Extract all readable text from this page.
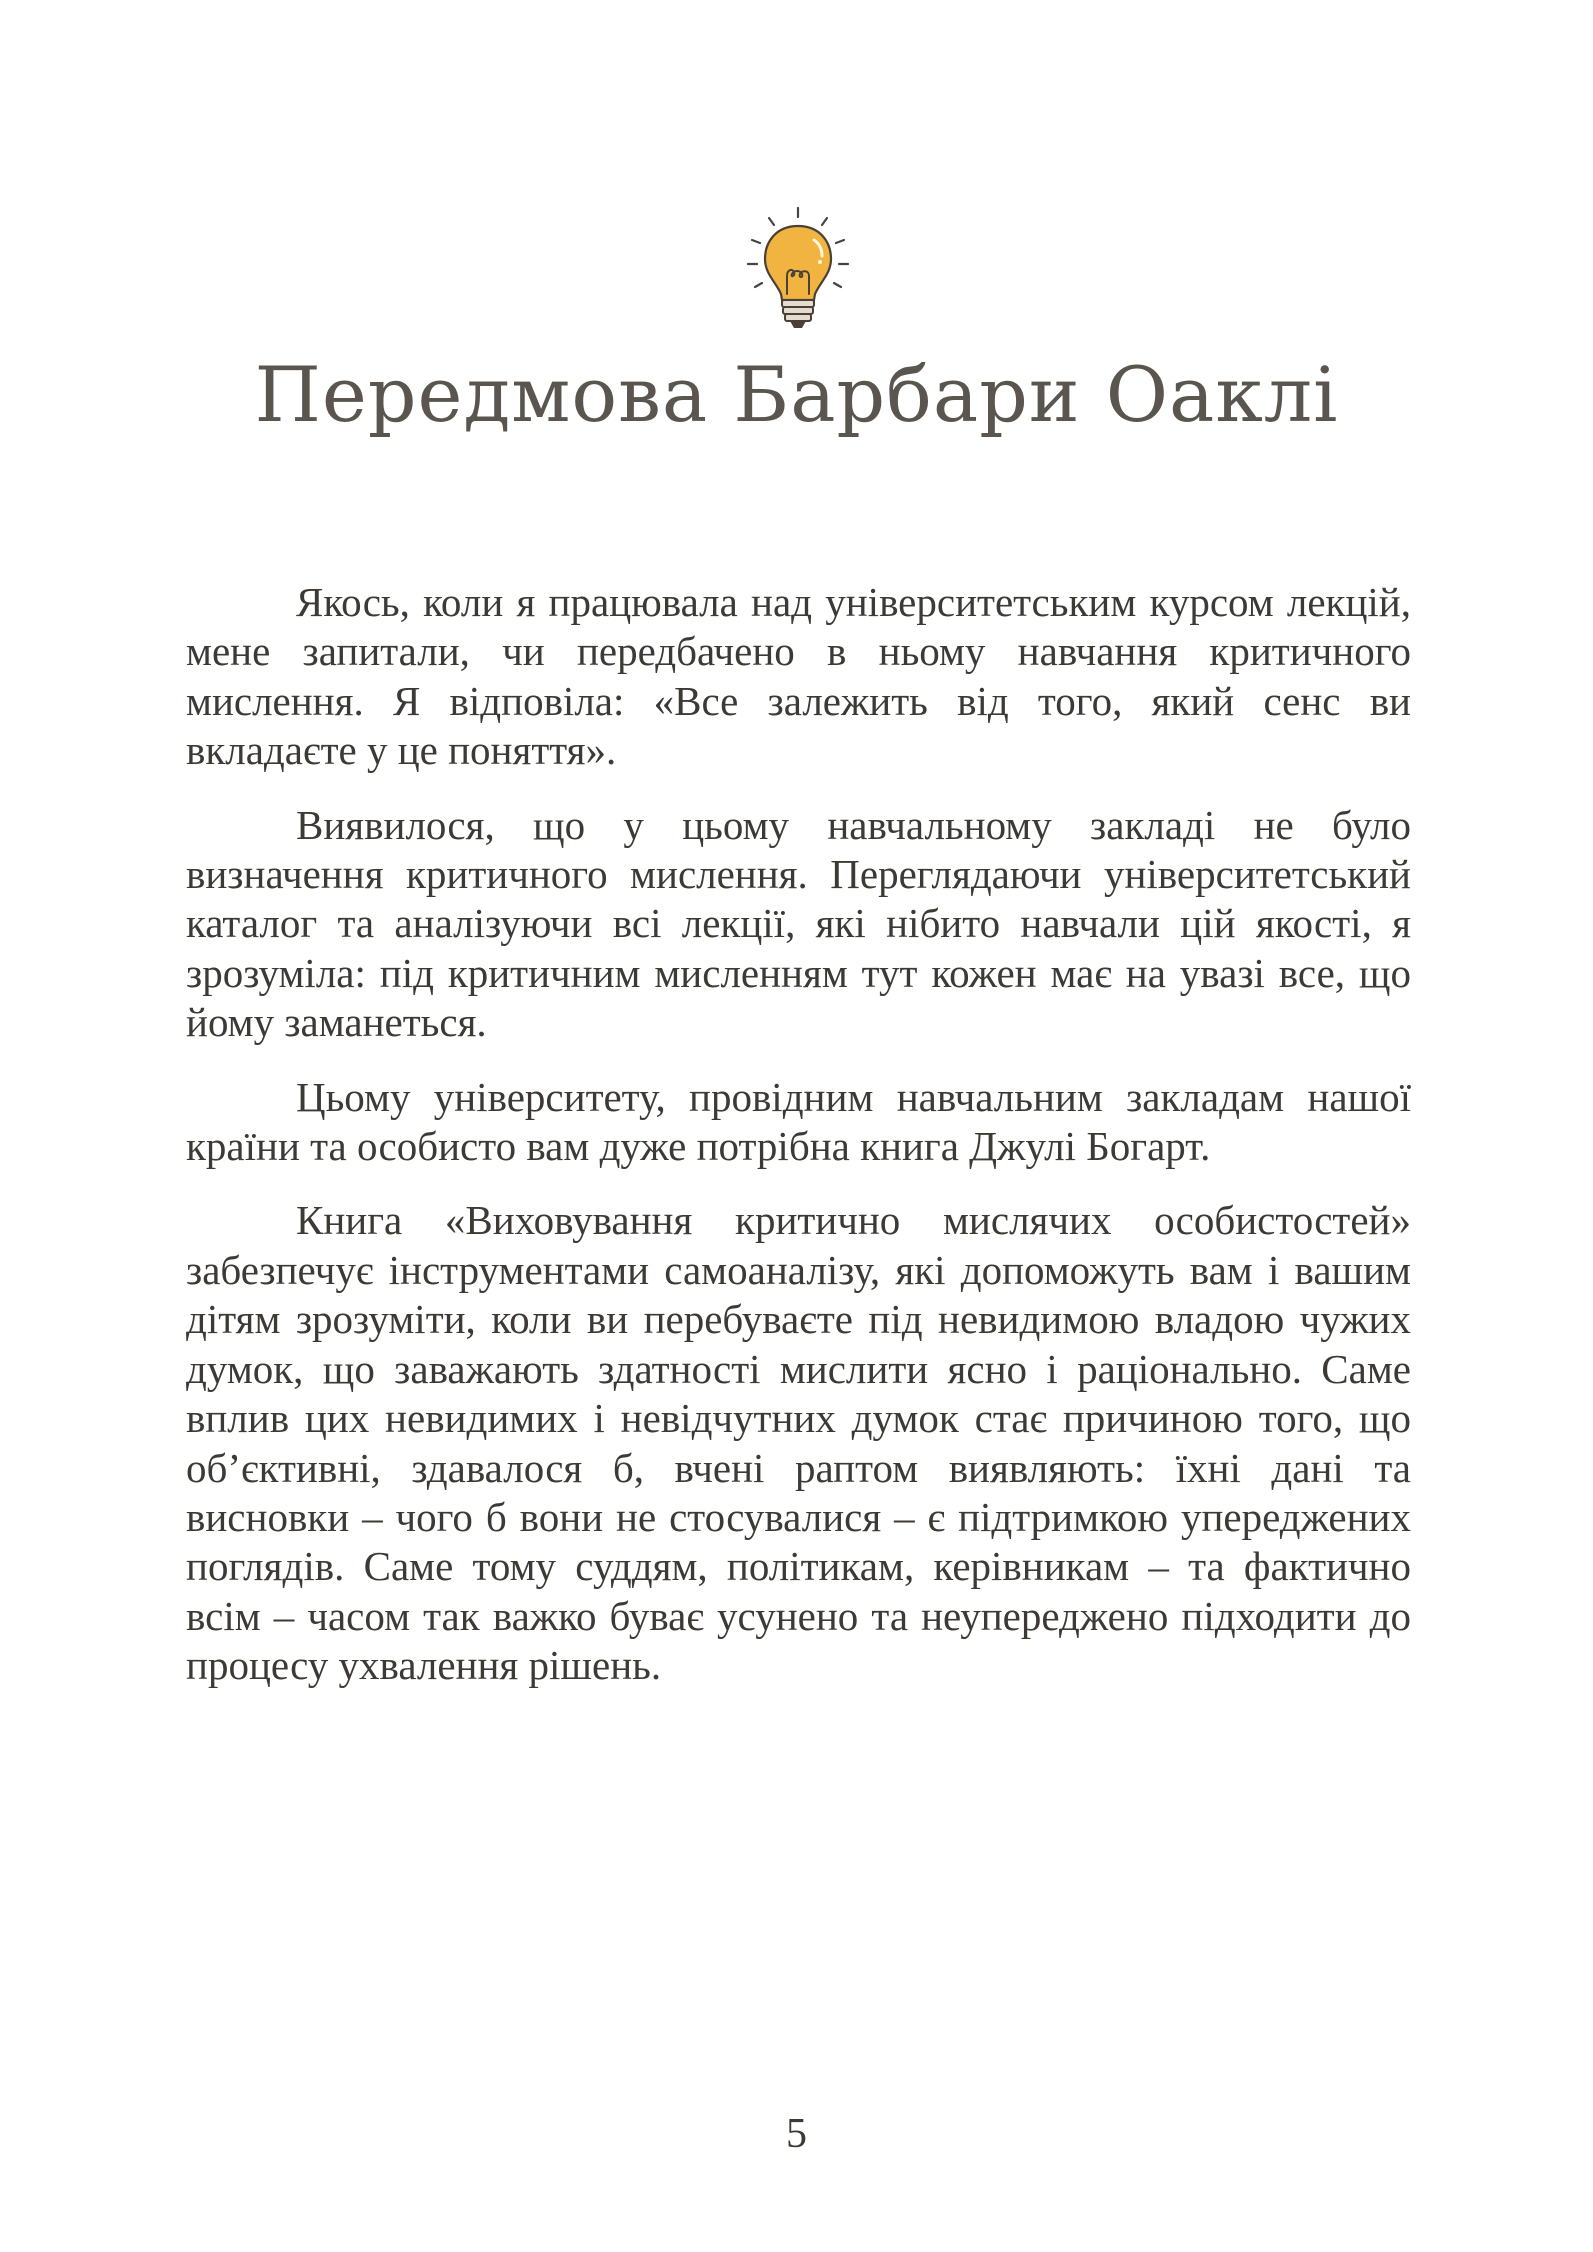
Передмова Барбари Оаклі

Якось, коли я працювала над університетським курсом лекцій, мене запитали, чи передбачено в ньому навчання критичного мислення. Я відповіла: «Все залежить від того, який сенс ви вкладаєте у це поняття».

Виявилося, що у цьому навчальному закладі не було визначення критичного мислення. Переглядаючи університетський каталог та аналізуючи всі лекції, які нібито навчали цій якості, я зрозуміла: під критичним мисленням тут кожен має на увазі все, що йому заманеться.

Цьому університету, провідним навчальним закладам нашої країни та особисто вам дуже потрібна книга Джулі Богарт.

Книга «Виховування критично мислячих особистостей» забезпечує інструментами самоаналізу, які допоможуть вам і вашим дітям зрозуміти, коли ви перебуваєте під невидимою владою чужих думок, що заважають здатності мислити ясно і раціонально. Саме вплив цих невидимих і невідчутних думок стає причиною того, що об’єктивні, здавалося б, вчені раптом виявляють: їхні дані та висновки – чого б вони не стосувалися – є підтримкою упереджених поглядів. Саме тому суддям, політикам, керівникам – та фактично всім – часом так важко буває усунено та неупереджено підходити до процесу ухвалення рішень.

5
